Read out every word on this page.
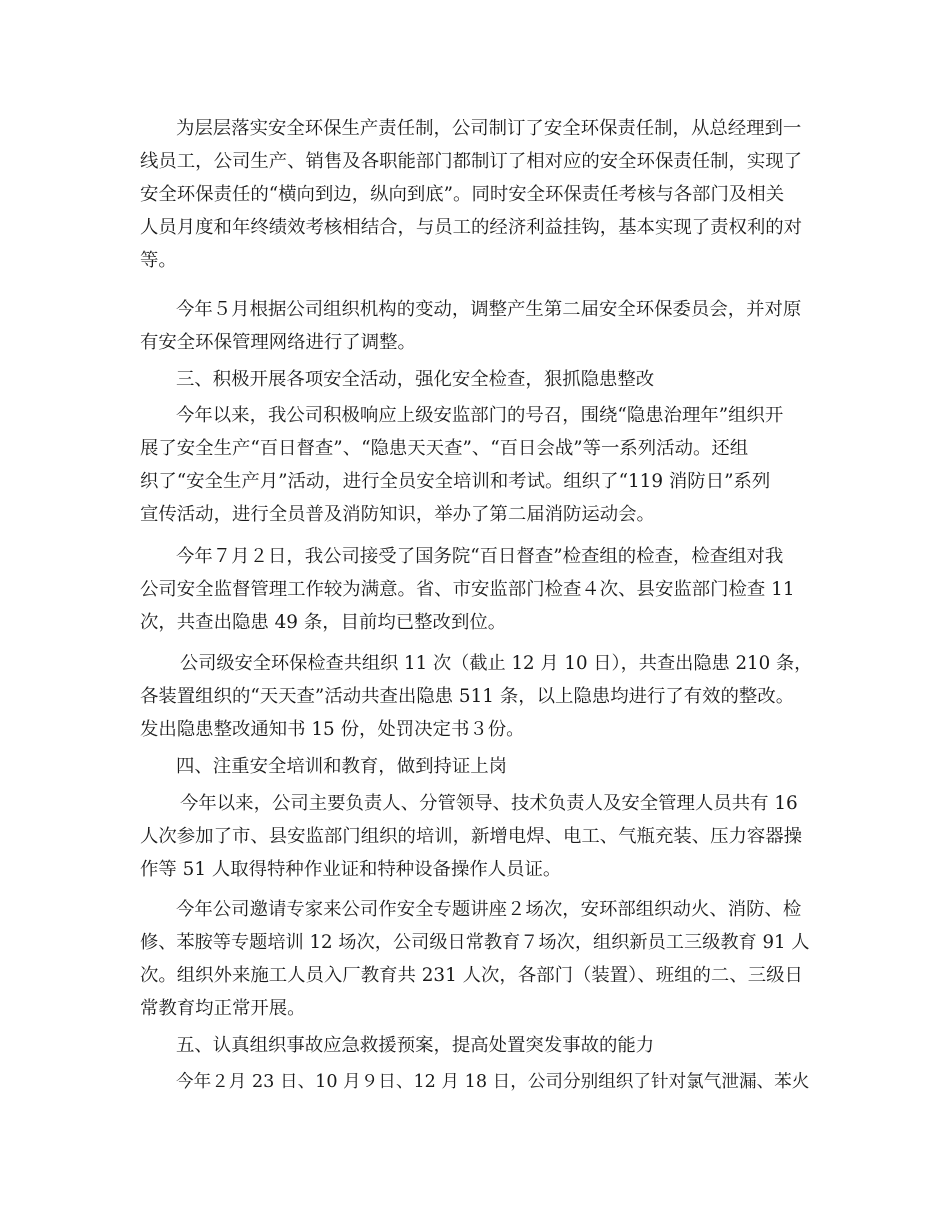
为层层落实安全环保生产责任制，公司制订了安全环保责任制，从总经理到一
线员工，公司生产、销售及各职能部门都制订了相对应的安全环保责任制，实现了
安全环保责任的“横向到边，纵向到底”。同时安全环保责任考核与各部门及相关
人员月度和年终绩效考核相结合，与员工的经济利益挂钩，基本实现了责权利的对
等。
今年５月根据公司组织机构的变动，调整产生第二届安全环保委员会，并对原
有安全环保管理网络进行了调整。
三、积极开展各项安全活动，强化安全检查，狠抓隐患整改
今年以来，我公司积极响应上级安监部门的号召，围绕“隐患治理年”组织开
展了安全生产“百日督查”、“隐患天天查”、“百日会战”等一系列活动。还组
织了“安全生产月”活动，进行全员安全培训和考试。组织了“119 消防日”系列
宣传活动，进行全员普及消防知识，举办了第二届消防运动会。
今年７月２日，我公司接受了国务院“百日督查”检查组的检查，检查组对我
公司安全监督管理工作较为满意。省、市安监部门检查４次、县安监部门检查 11
次，共查出隐患 49 条，目前均已整改到位。
公司级安全环保检查共组织 11 次（截止 12 月 10 日），共查出隐患 210 条，
各装置组织的“天天查”活动共查出隐患 511 条，以上隐患均进行了有效的整改。
发出隐患整改通知书 15 份，处罚决定书３份。
四、注重安全培训和教育，做到持证上岗
今年以来，公司主要负责人、分管领导、技术负责人及安全管理人员共有 16
人次参加了市、县安监部门组织的培训，新增电焊、电工、气瓶充装、压力容器操
作等 51 人取得特种作业证和特种设备操作人员证。
今年公司邀请专家来公司作安全专题讲座２场次，安环部组织动火、消防、检
修、苯胺等专题培训 12 场次，公司级日常教育７场次，组织新员工三级教育 91 人
次。组织外来施工人员入厂教育共 231 人次，各部门（装置）、班组的二、三级日
常教育均正常开展。
五、认真组织事故应急救援预案，提高处置突发事故的能力
今年２月 23 日、10 月９日、12 月 18 日，公司分别组织了针对氯气泄漏、苯火
